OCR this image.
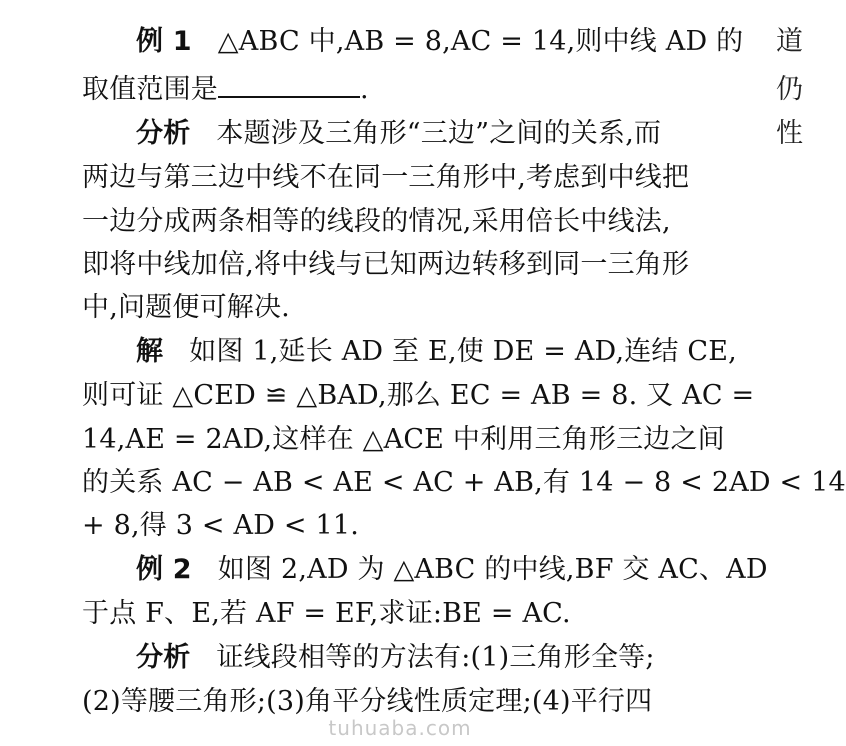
例 1 △ABC 中,AB = 8,AC = 14,则中线 AD 的
取值范围是	.
分析 本题涉及三角形“三边”之间的关系,而
两边与第三边中线不在同一三角形中,考虑到中线把
一边分成两条相等的线段的情况,采用倍长中线法,
即将中线加倍,将中线与已知两边转移到同一三角形
中,问题便可解决.
解 如图 1,延长 AD 至 E,使 DE = AD,连结 CE,
则可证 △CED ≌ △BAD,那么 EC = AB = 8. 又 AC =
14,AE = 2AD,这样在 △ACE 中利用三角形三边之间
的关系 AC − AB < AE < AC + AB,有 14 − 8 < 2AD < 14
+ 8,得 3 < AD < 11.
例 2 如图 2,AD 为 △ABC 的中线,BF 交 AC、AD
于点 F、E,若 AF = EF,求证:BE = AC.
分析 证线段相等的方法有:(1)三角形全等;
(2)等腰三角形;(3)角平分线性质定理;(4)平行四
道
仍
性
tuhuaba.com
